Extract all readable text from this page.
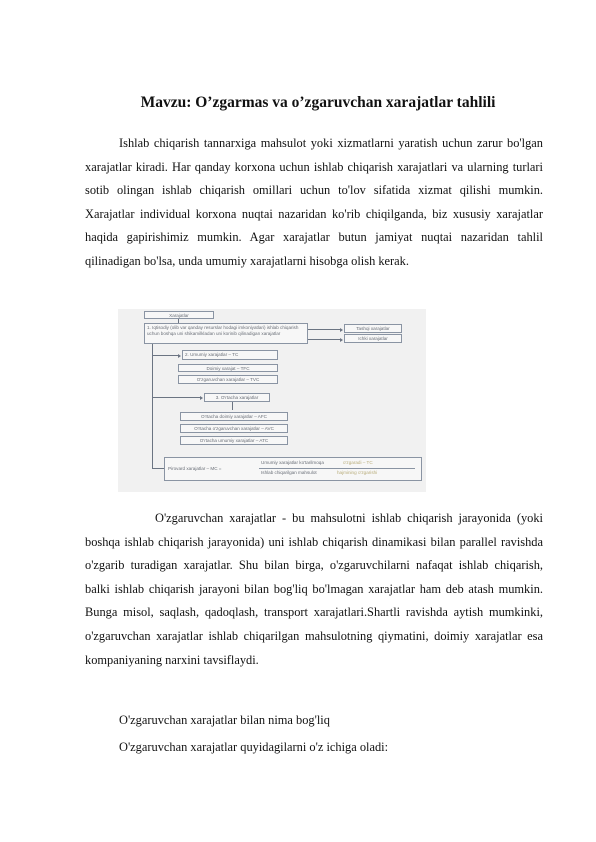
Mavzu: O’zgarmas va o’zgaruvchan xarajatlar tahlili

Ishlab chiqarish tannarxiga mahsulot yoki xizmatlarni yaratish uchun zarur bo'lgan xarajatlar kiradi. Har qanday korxona uchun ishlab chiqarish xarajatlari va ularning turlari sotib olingan ishlab chiqarish omillari uchun to'lov sifatida xizmat qilishi mumkin. Xarajatlar individual korxona nuqtai nazaridan ko'rib chiqilganda, biz xususiy xarajatlar haqida gapirishimiz mumkin. Agar xarajatlar butun jamiyat nuqtai nazaridan tahlil qilinadigan bo'lsa, unda umumiy xarajatlarni hisobga olish kerak.

Xarajatlar
1. Iqtisodiy (olib var qanday resurslar hodagi imkoniyatlari) ishlab chiqarish uchun boshqa uni shikamilkladan uni korinib qilinadigan xarajatlar
Tashqi xarajatlar
Ichki xarajatlar
2. Umumiy xarajatlar – TC
Doimiy xarajat – TFC
O'zgaruvchan xarajatlar – TVC
3. O'rtacha xarajatlar
O'rtacha doimiy xarajatlar – AFC
O'rtacha o'zgaruvchan xarajatlar – AVC
O'rtacha umumiy xarajatlar – ATC
Pirovard xarajatlar – MC =
Umumiy xarajatlar ko'tarilmoqa	o'zgaradi – TC
Ishlab chiqarilgan mahsulot	hajmining o'zgarishi

O'zgaruvchan xarajatlar - bu mahsulotni ishlab chiqarish jarayonida (yoki boshqa ishlab chiqarish jarayonida) uni ishlab chiqarish dinamikasi bilan parallel ravishda o'zgarib turadigan xarajatlar. Shu bilan birga, o'zgaruvchilarni nafaqat ishlab chiqarish, balki ishlab chiqarish jarayoni bilan bog'liq bo'lmagan xarajatlar ham deb atash mumkin. Bunga misol, saqlash, qadoqlash, transport xarajatlari.Shartli ravishda aytish mumkinki, o'zgaruvchan xarajatlar ishlab chiqarilgan mahsulotning qiymatini, doimiy xarajatlar esa kompaniyaning narxini tavsiflaydi.

O'zgaruvchan xarajatlar bilan nima bog'liq
O'zgaruvchan xarajatlar quyidagilarni o'z ichiga oladi:
